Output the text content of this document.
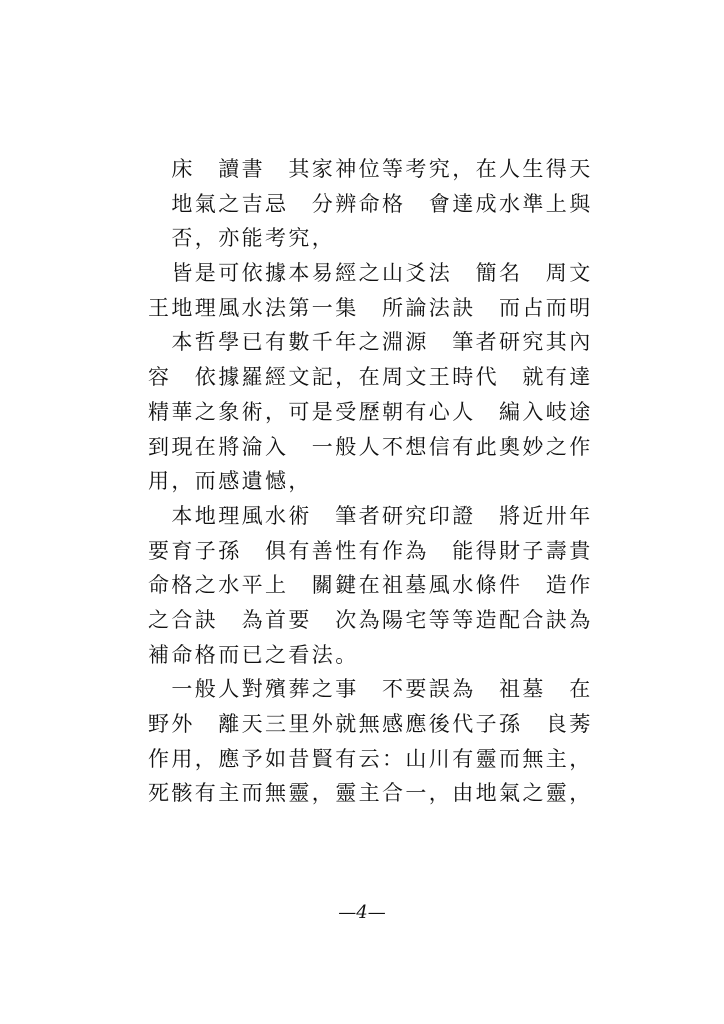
　床　讀書　其家神位等考究，在人生得天
　地氣之吉忌　分辨命格　會達成水準上與
　否，亦能考究，
　皆是可依據本易經之山爻法　簡名　周文
王地理風水法第一集　所論法訣　而占而明
　本哲學已有數千年之淵源　筆者研究其內
容　依據羅經文記，在周文王時代　就有達
精華之象術，可是受歷朝有心人　編入岐途
到現在將淪入　一般人不想信有此奧妙之作
用，而感遺憾，
　本地理風水術　筆者研究印證　將近卅年
要育子孫　俱有善性有作為　能得財子壽貴
命格之水平上　關鍵在祖墓風水條件　造作
之合訣　為首要　次為陽宅等等造配合訣為
補命格而已之看法。
　一般人對殯葬之事　不要誤為　祖墓　在
野外　離天三里外就無感應後代子孫　良莠
作用，應予如昔賢有云：山川有靈而無主，
死骸有主而無靈，靈主合一，由地氣之靈，
—4—
